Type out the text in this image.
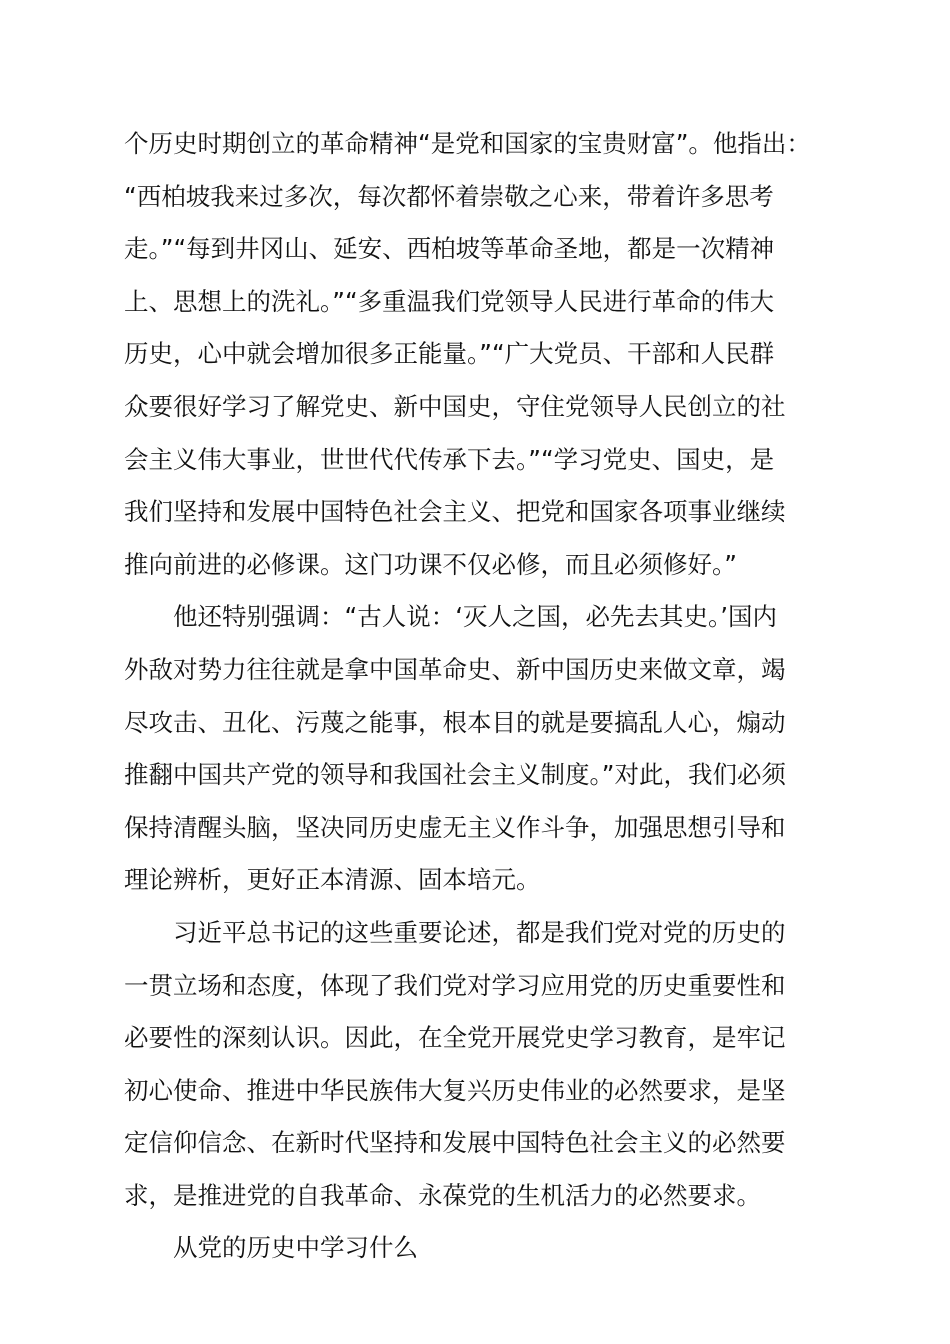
个历史时期创立的革命精神“是党和国家的宝贵财富”。他指出：
“西柏坡我来过多次，每次都怀着崇敬之心来，带着许多思考
走。”“每到井冈山、延安、西柏坡等革命圣地，都是一次精神
上、思想上的洗礼。”“多重温我们党领导人民进行革命的伟大
历史，心中就会增加很多正能量。”“广大党员、干部和人民群
众要很好学习了解党史、新中国史，守住党领导人民创立的社
会主义伟大事业，世世代代传承下去。”“学习党史、国史，是
我们坚持和发展中国特色社会主义、把党和国家各项事业继续
推向前进的必修课。这门功课不仅必修，而且必须修好。”
他还特别强调：“古人说：‘灭人之国，必先去其史。’国内
外敌对势力往往就是拿中国革命史、新中国历史来做文章，竭
尽攻击、丑化、污蔑之能事，根本目的就是要搞乱人心，煽动
推翻中国共产党的领导和我国社会主义制度。”对此，我们必须
保持清醒头脑，坚决同历史虚无主义作斗争，加强思想引导和
理论辨析，更好正本清源、固本培元。
习近平总书记的这些重要论述，都是我们党对党的历史的
一贯立场和态度，体现了我们党对学习应用党的历史重要性和
必要性的深刻认识。因此，在全党开展党史学习教育，是牢记
初心使命、推进中华民族伟大复兴历史伟业的必然要求，是坚
定信仰信念、在新时代坚持和发展中国特色社会主义的必然要
求，是推进党的自我革命、永葆党的生机活力的必然要求。
从党的历史中学习什么
